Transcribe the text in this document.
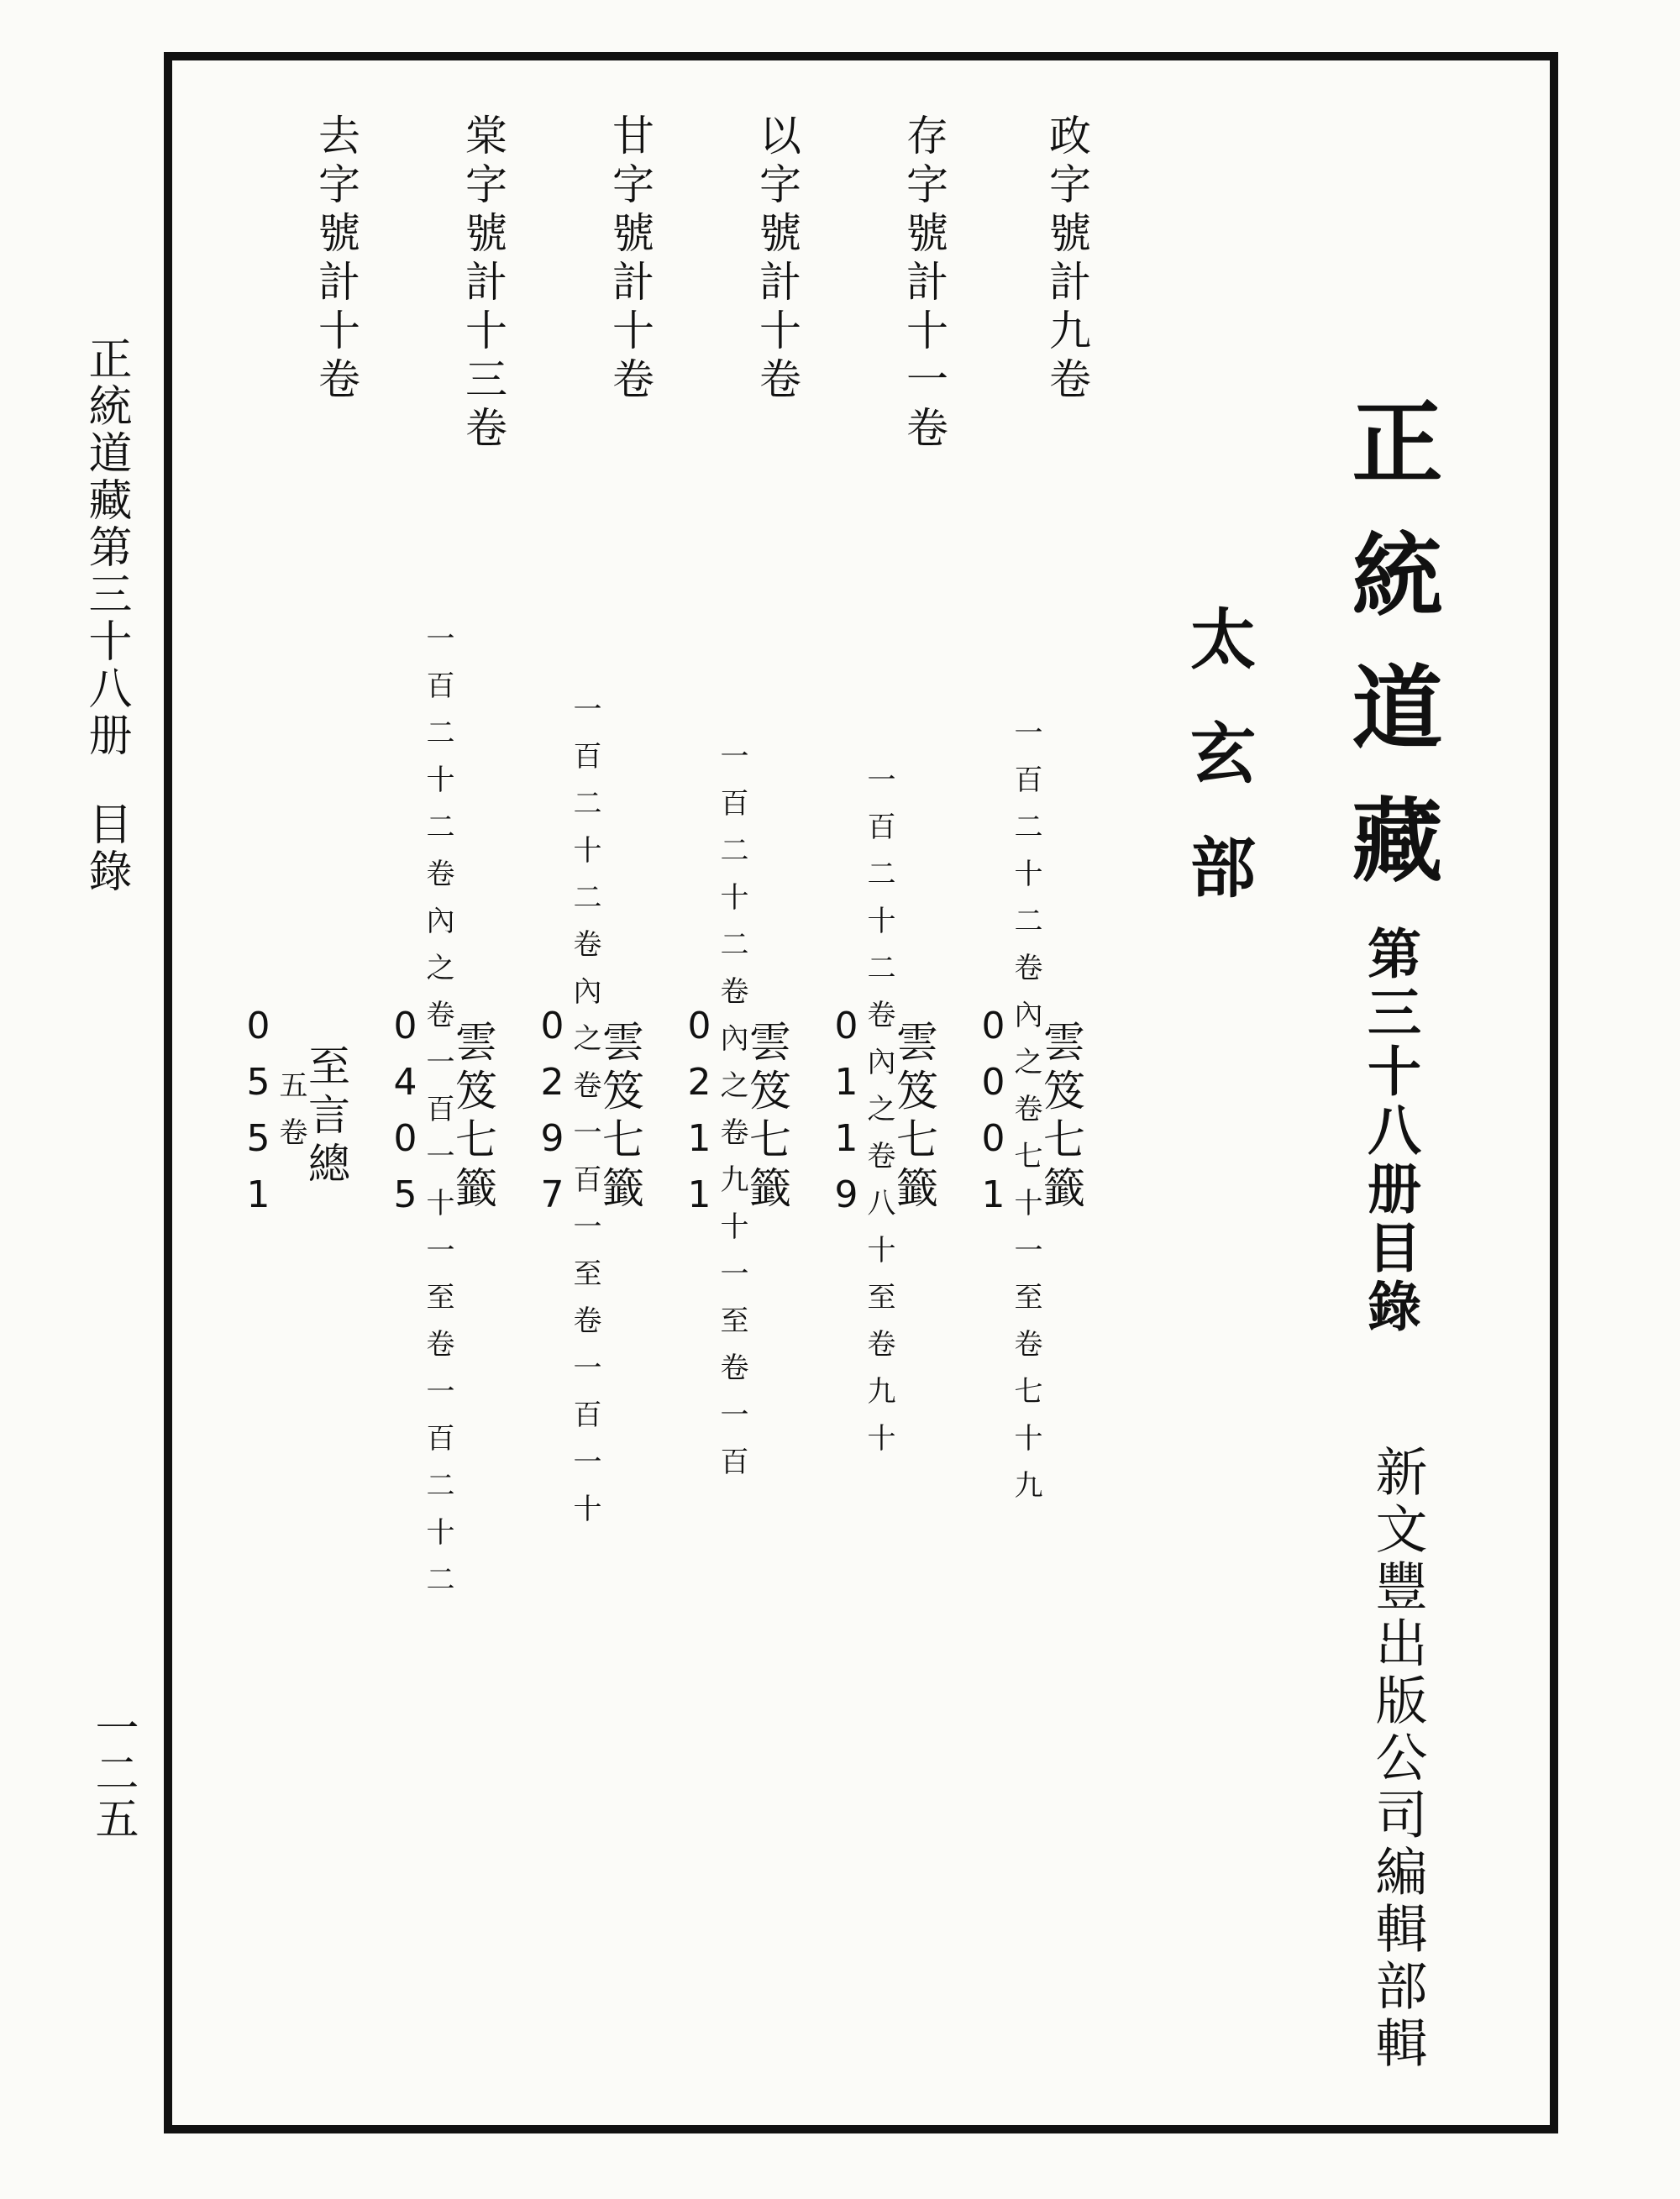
正統道藏第三十八册目錄
一二五
正統道藏第三十八册目錄
太玄部
新文豐出版公司編輯部輯
政字號計九卷
雲笈七籤
一百二十二卷內之卷七十一至卷七十九
0001
存字號計十一卷
雲笈七籤
一百二十二卷內之卷八十至卷九十
0119
以字號計十卷
雲笈七籤
一百二十二卷內之卷九十一至卷一百
0211
甘字號計十卷
雲笈七籤
一百二十二卷內之卷一百一至卷一百一十
0297
棠字號計十三卷
雲笈七籤
一百二十二卷內之卷一百一十一至卷一百二十二
0405
去字號計十卷
至言總
五卷
0551
